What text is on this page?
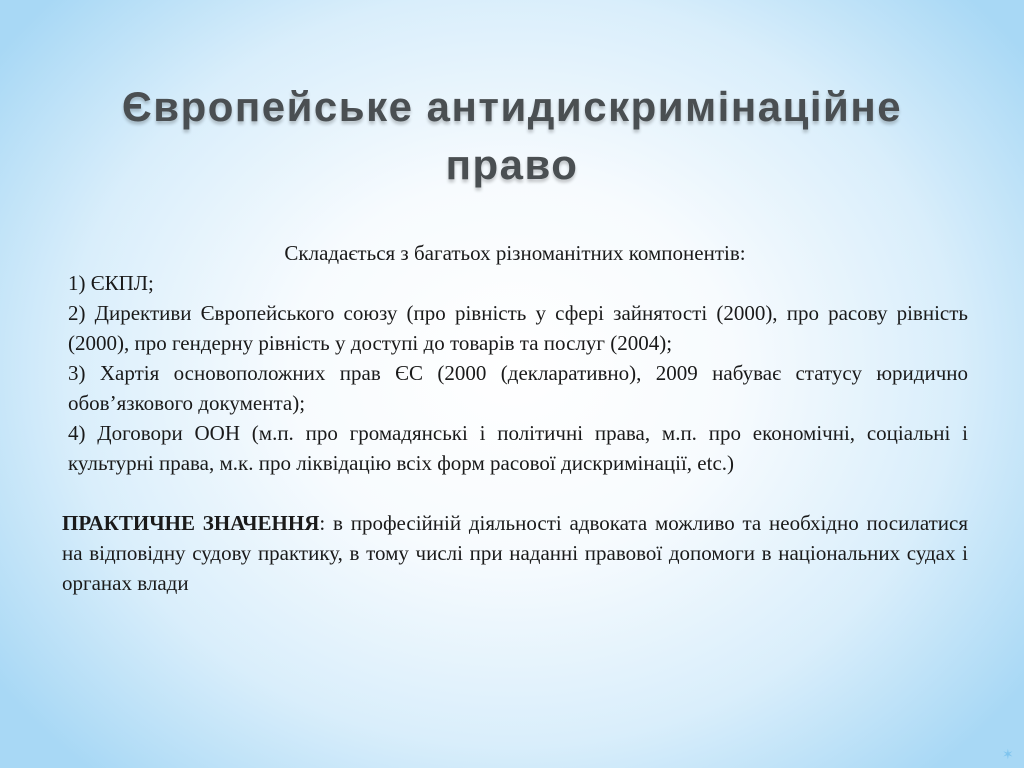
Європейське антидискримінаційне
право

Складається з багатьох різноманітних компонентів:

1) ЄКПЛ;

2) Директиви Європейського союзу (про рівність у сфері зайнятості (2000), про расову рівність (2000), про гендерну рівність у доступі до товарів та послуг (2004);

3) Хартія основоположних прав ЄС (2000 (декларативно), 2009 набуває статусу юридично обов’язкового документа);

4) Договори ООН (м.п. про громадянські і політичні права, м.п. про економічні, соціальні і культурні права, м.к. про ліквідацію всіх форм расової дискримінації, etc.)

ПРАКТИЧНЕ ЗНАЧЕННЯ: в професійній діяльності адвоката можливо та необхідно посилатися на відповідну судову практику, в тому числі при наданні правової допомоги в національних судах і органах влади

✶
